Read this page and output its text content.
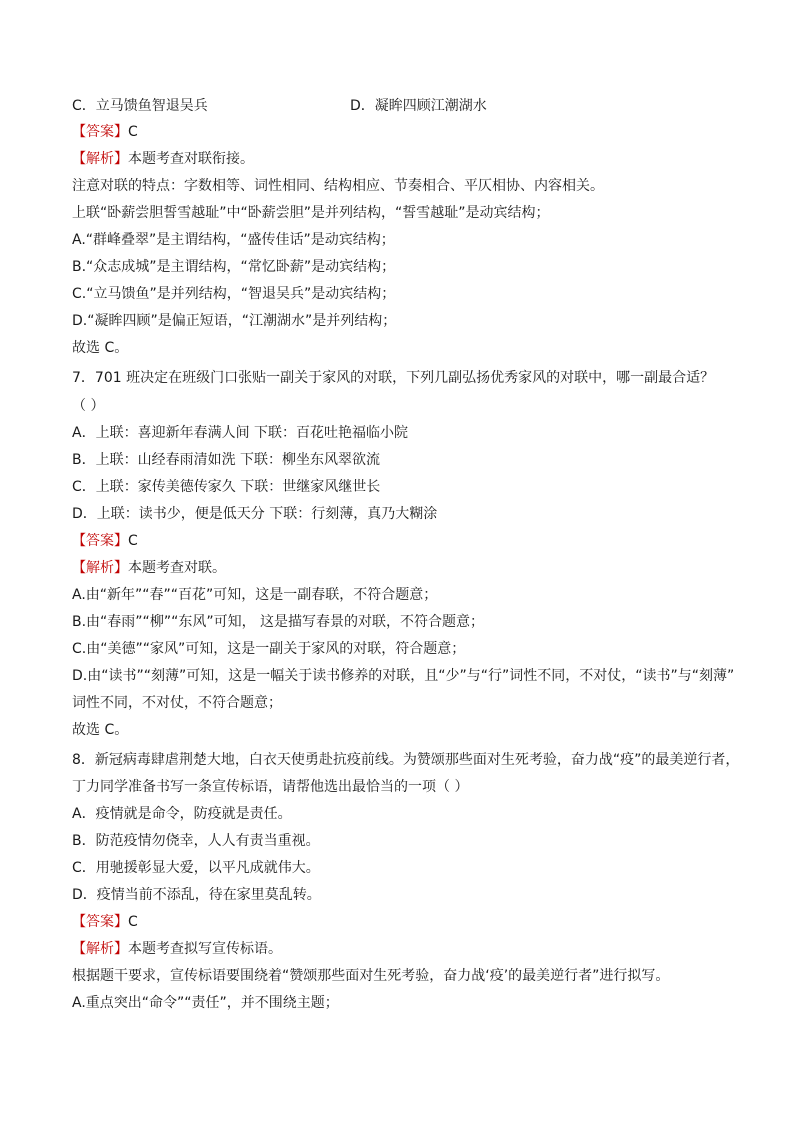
C．立马馈鱼智退吴兵	D．凝眸四顾江潮湖水
【答案】C
【解析】本题考查对联衔接。
注意对联的特点：字数相等、词性相同、结构相应、节奏相合、平仄相协、内容相关。
上联“卧薪尝胆誓雪越耻”中“卧薪尝胆”是并列结构，“誓雪越耻”是动宾结构；
A.“群峰叠翠”是主谓结构，“盛传佳话”是动宾结构；
B.“众志成城”是主谓结构，“常忆卧薪”是动宾结构；
C.“立马馈鱼”是并列结构，“智退吴兵”是动宾结构；
D.“凝眸四顾”是偏正短语，“江潮湖水”是并列结构；
故选 C。
7．701 班决定在班级门口张贴一副关于家风的对联，下列几副弘扬优秀家风的对联中，哪一副最合适？
（ ）
A．上联：喜迎新年春满人间 下联：百花吐艳福临小院
B．上联：山经春雨清如洗 下联：柳坐东风翠欲流
C．上联：家传美德传家久 下联：世继家风继世长
D．上联：读书少，便是低天分 下联：行刻薄，真乃大糊涂
【答案】C
【解析】本题考查对联。
A.由“新年”“春”“百花”可知，这是一副春联，不符合题意；
B.由“春雨”“柳”“东风”可知， 这是描写春景的对联，不符合题意；
C.由“美德”“家风”可知，这是一副关于家风的对联，符合题意；
D.由“读书”“刻薄”可知，这是一幅关于读书修养的对联，且“少”与“行”词性不同，不对仗，“读书”与“刻薄”
词性不同，不对仗，不符合题意；
故选 C。
8．新冠病毒肆虐荆楚大地，白衣天使勇赴抗疫前线。为赞颂那些面对生死考验，奋力战“疫”的最美逆行者，
丁力同学准备书写一条宣传标语，请帮他选出最恰当的一项（ ）
A．疫情就是命令，防疫就是责任。
B．防范疫情勿侥幸，人人有责当重视。
C．用驰援彰显大爱，以平凡成就伟大。
D．疫情当前不添乱，待在家里莫乱转。
【答案】C
【解析】本题考查拟写宣传标语。
根据题干要求，宣传标语要围绕着“赞颂那些面对生死考验，奋力战‘疫’的最美逆行者”进行拟写。
A.重点突出“命令”“责任”，并不围绕主题；
